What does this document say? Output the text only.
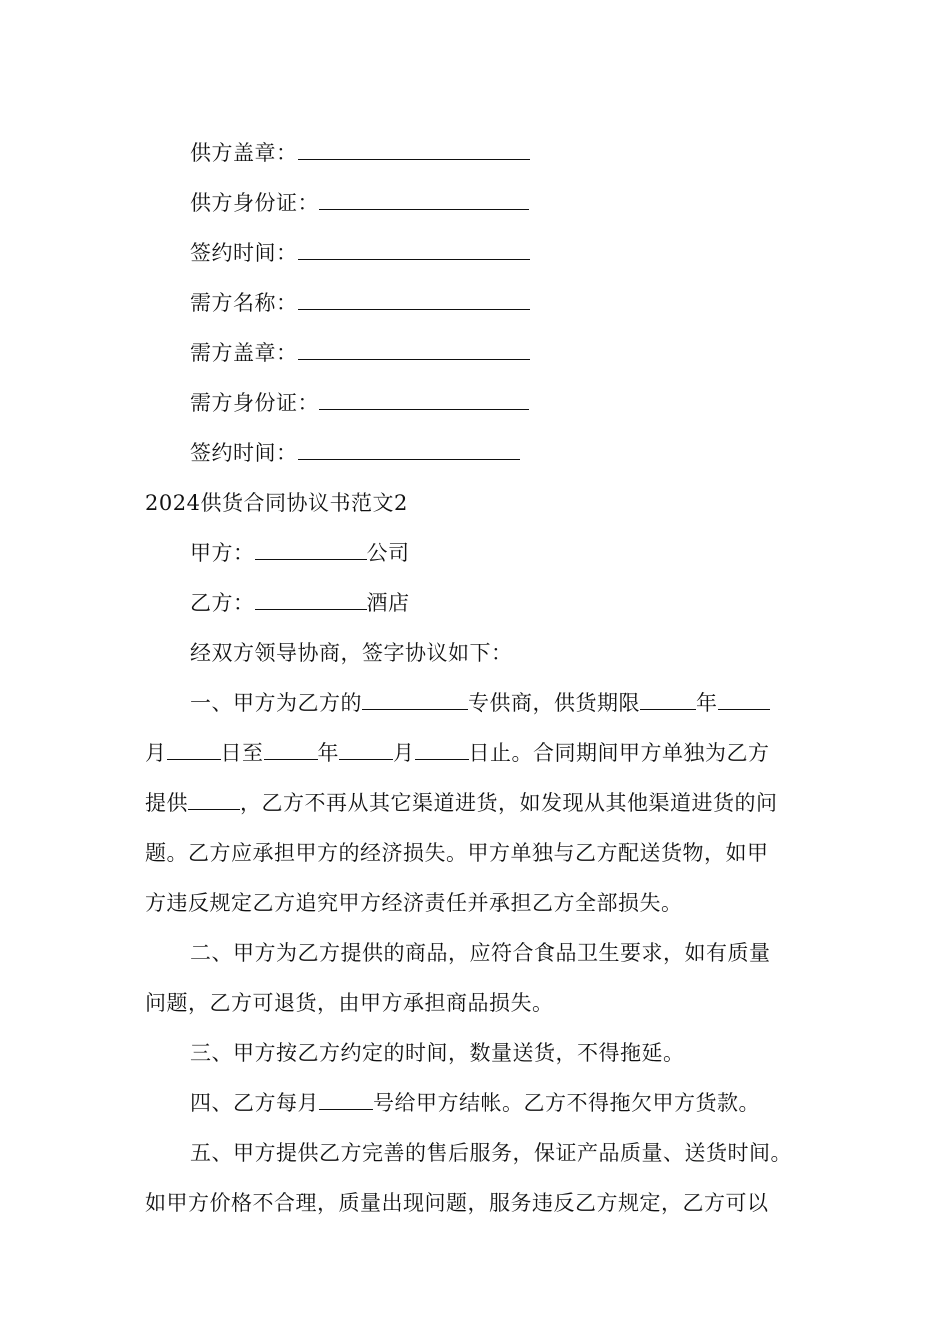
供方盖章：
供方身份证：
签约时间：
需方名称：
需方盖章：
需方身份证：
签约时间：
2024供货合同协议书范文2
甲方：	公司
乙方：	酒店
经双方领导协商，签字协议如下：
一、甲方为乙方的	专供商，供货期限	年
月	日至	年	月	日止。合同期间甲方单独为乙方
提供 ，乙方不再从其它渠道进货，如发现从其他渠道进货的问
题。乙方应承担甲方的经济损失。甲方单独与乙方配送货物，如甲
方违反规定乙方追究甲方经济责任并承担乙方全部损失。
二、甲方为乙方提供的商品，应符合食品卫生要求，如有质量
问题，乙方可退货，由甲方承担商品损失。
三、甲方按乙方约定的时间，数量送货，不得拖延。
四、乙方每月	号给甲方结帐。乙方不得拖欠甲方货款。
五、甲方提供乙方完善的售后服务，保证产品质量、送货时间。
如甲方价格不合理，质量出现问题，服务违反乙方规定，乙方可以
